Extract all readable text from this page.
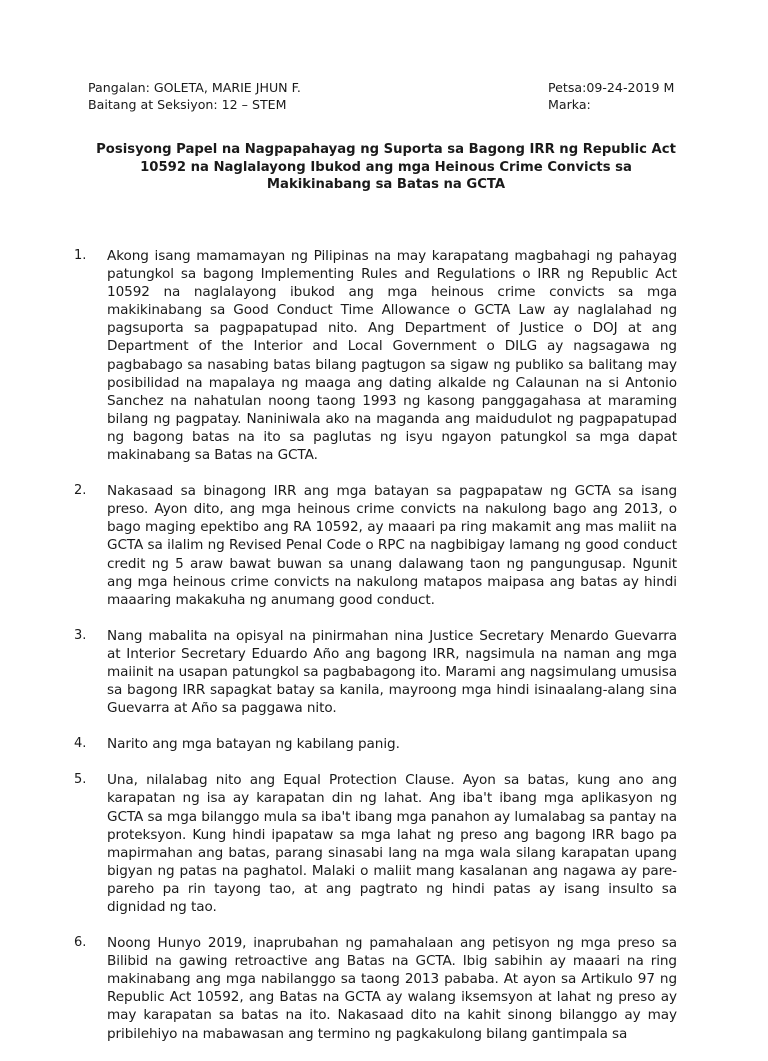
Pangalan: GOLETA, MARIE JHUN F.	Petsa:09-24-2019 M
Baitang at Seksiyon: 12 – STEM	Marka:
Posisyong Papel na Nagpapahayag ng Suporta sa Bagong IRR ng Republic Act 10592 na Naglalayong Ibukod ang mga Heinous Crime Convicts sa Makikinabang sa Batas na GCTA
1.	Akong isang mamamayan ng Pilipinas na may karapatang magbahagi ng pahayag patungkol sa bagong Implementing Rules and Regulations o IRR ng Republic Act 10592 na naglalayong ibukod ang mga heinous crime convicts sa mga makikinabang sa Good Conduct Time Allowance o GCTA Law ay naglalahad ng pagsuporta sa pagpapatupad nito. Ang Department of Justice o DOJ at ang Department of the Interior and Local Government o DILG ay nagsagawa ng pagbabago sa nasabing batas bilang pagtugon sa sigaw ng publiko sa balitang may posibilidad na mapalaya ng maaga ang dating alkalde ng Calaunan na si Antonio Sanchez na nahatulan noong taong 1993 ng kasong panggagahasa at maraming bilang ng pagpatay. Naniniwala ako na maganda ang maidudulot ng pagpapatupad ng bagong batas na ito sa paglutas ng isyu ngayon patungkol sa mga dapat makinabang sa Batas na GCTA.
2.	Nakasaad sa binagong IRR ang mga batayan sa pagpapataw ng GCTA sa isang preso. Ayon dito, ang mga heinous crime convicts na nakulong bago ang 2013, o bago maging epektibo ang RA 10592, ay maaari pa ring makamit ang mas maliit na GCTA sa ilalim ng Revised Penal Code o RPC na nagbibigay lamang ng good conduct credit ng 5 araw bawat buwan sa unang dalawang taon ng pangungusap. Ngunit ang mga heinous crime convicts na nakulong matapos maipasa ang batas ay hindi maaaring makakuha ng anumang good conduct.
3.	Nang mabalita na opisyal na pinirmahan nina Justice Secretary Menardo Guevarra at Interior Secretary Eduardo Año ang bagong IRR, nagsimula na naman ang mga maiinit na usapan patungkol sa pagbabagong ito. Marami ang nagsimulang umusisa sa bagong IRR sapagkat batay sa kanila, mayroong mga hindi isinaalang-alang sina Guevarra at Año sa paggawa nito.
4.	Narito ang mga batayan ng kabilang panig.
5.	Una, nilalabag nito ang Equal Protection Clause. Ayon sa batas, kung ano ang karapatan ng isa ay karapatan din ng lahat. Ang iba't ibang mga aplikasyon ng GCTA sa mga bilanggo mula sa iba't ibang mga panahon ay lumalabag sa pantay na proteksyon. Kung hindi ipapataw sa mga lahat ng preso ang bagong IRR bago pa mapirmahan ang batas, parang sinasabi lang na mga wala silang karapatan upang bigyan ng patas na paghatol. Malaki o maliit mang kasalanan ang nagawa ay pare-pareho pa rin tayong tao, at ang pagtrato ng hindi patas ay isang insulto sa dignidad ng tao.
6.	Noong Hunyo 2019, inaprubahan ng pamahalaan ang petisyon ng mga preso sa Bilibid na gawing retroactive ang Batas na GCTA. Ibig sabihin ay maaari na ring makinabang ang mga nabilanggo sa taong 2013 pababa. At ayon sa Artikulo 97 ng Republic Act 10592, ang Batas na GCTA ay walang iksemsyon at lahat ng preso ay may karapatan sa batas na ito. Nakasaad dito na kahit sinong bilanggo ay may pribilehiyo na mabawasan ang termino ng pagkakulong bilang gantimpala sa
